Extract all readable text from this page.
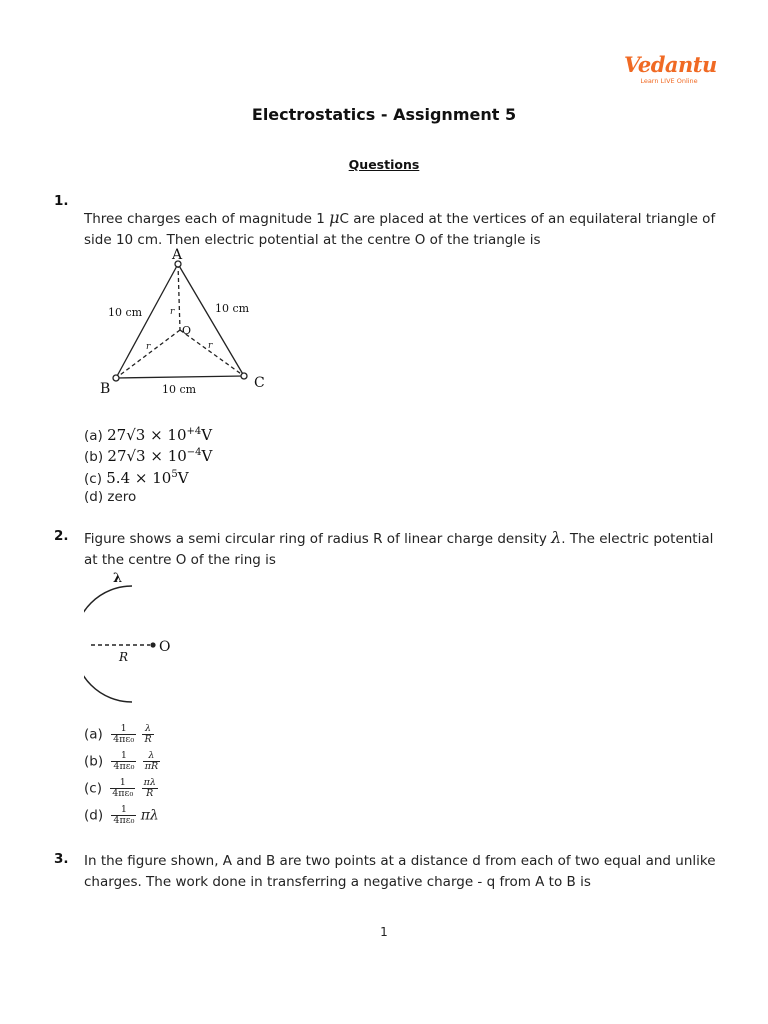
Vedantu
Learn LIVE Online
Electrostatics - Assignment 5
Questions
1.
Three charges each of magnitude 1 μC are placed at the vertices of an equilateral triangle of side 10 cm. Then electric potential at the centre O of the triangle is
A
B	C
O
10 cm	10 cm
10 cm
r
r	r
(a) $27√3 \times 10^{+4}V$
(b) $27√3 \times 10^{-4}V$
(c) $5.4 \times 10^5V$
(d) zero
2. Figure shows a semi circular ring of radius R of linear charge density λ. The electric potential at the centre O of the ring is
λ
R
O
$(a) \frac{1}{\text{4πε₀}}$
$\frac{\lambda}{R}$
$(b) \frac{1}{\text{4πε₀}}$
$\frac{\lambda}{\pi R}$
$(c) \frac{1}{\text{4πε₀}}$
$\frac{\pi\lambda}{R}$
$(d) \frac{1}{\text{4πε₀}}$ πλ
3. In the figure shown, A and B are two points at a distance d from each of two equal and unlike charges. The work done in transferring a negative charge - q from A to B is
1
